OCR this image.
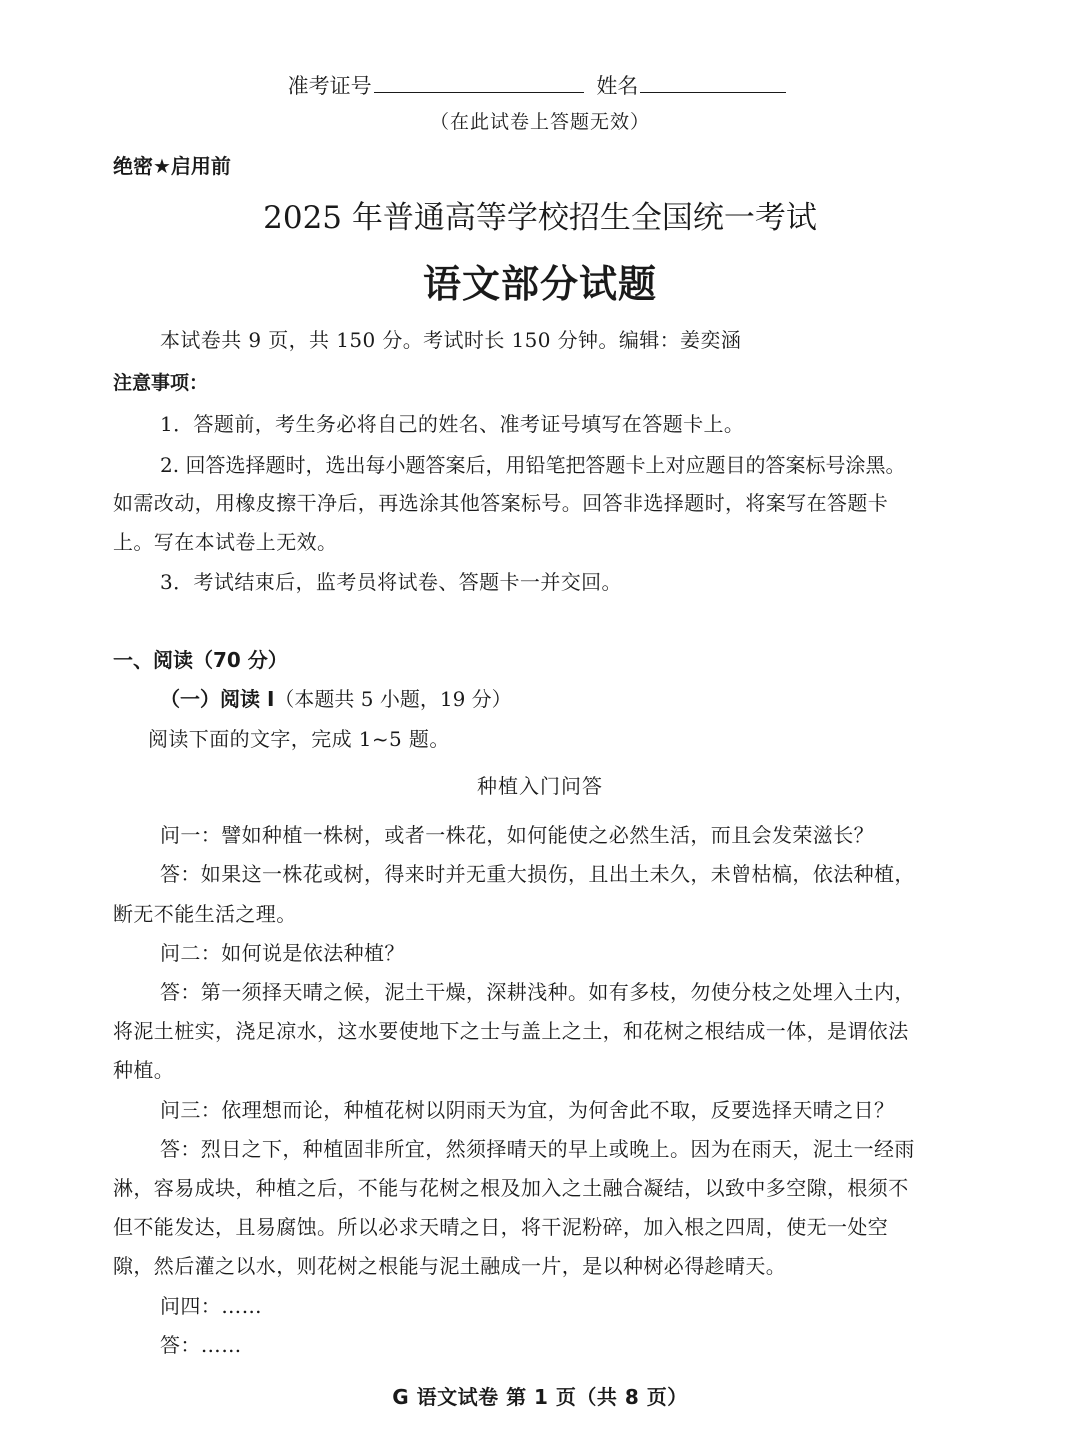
准考证号	姓名
（在此试卷上答题无效）
绝密★启用前
2025 年普通高等学校招生全国统一考试
语文部分试题
本试卷共 9 页，共 150 分。考试时长 150 分钟。编辑：姜奕涵
注意事项：
1．答题前，考生务必将自己的姓名、准考证号填写在答题卡上。
2. 回答选择题时，选出每小题答案后，用铅笔把答题卡上对应题目的答案标号涂黑。
如需改动，用橡皮擦干净后，再选涂其他答案标号。回答非选择题时，将案写在答题卡
上。写在本试卷上无效。
3．考试结束后，监考员将试卷、答题卡一并交回。
一、阅读（70 分）
（一）阅读 I（本题共 5 小题，19 分）
阅读下面的文字，完成 1~5 题。
种植入门问答
问一：譬如种植一株树，或者一株花，如何能使之必然生活，而且会发荣滋长？
答：如果这一株花或树，得来时并无重大损伤，且出土未久，未曾枯槁，依法种植，
断无不能生活之理。
问二：如何说是依法种植？
答：第一须择天晴之候，泥土干燥，深耕浅种。如有多枝，勿使分枝之处埋入土内，
将泥土桩实，浇足凉水，这水要使地下之士与盖上之土，和花树之根结成一体，是谓依法
种植。
问三：依理想而论，种植花树以阴雨天为宜，为何舍此不取，反要选择天晴之日？
答：烈日之下，种植固非所宜，然须择晴天的早上或晚上。因为在雨天，泥土一经雨
淋，容易成块，种植之后，不能与花树之根及加入之土融合凝结，以致中多空隙，根须不
但不能发达，且易腐蚀。所以必求天晴之日，将干泥粉碎，加入根之四周，使无一处空
隙，然后灌之以水，则花树之根能与泥土融成一片，是以种树必得趁晴天。
问四：……
答：……
G 语文试卷 第 1 页（共 8 页）
